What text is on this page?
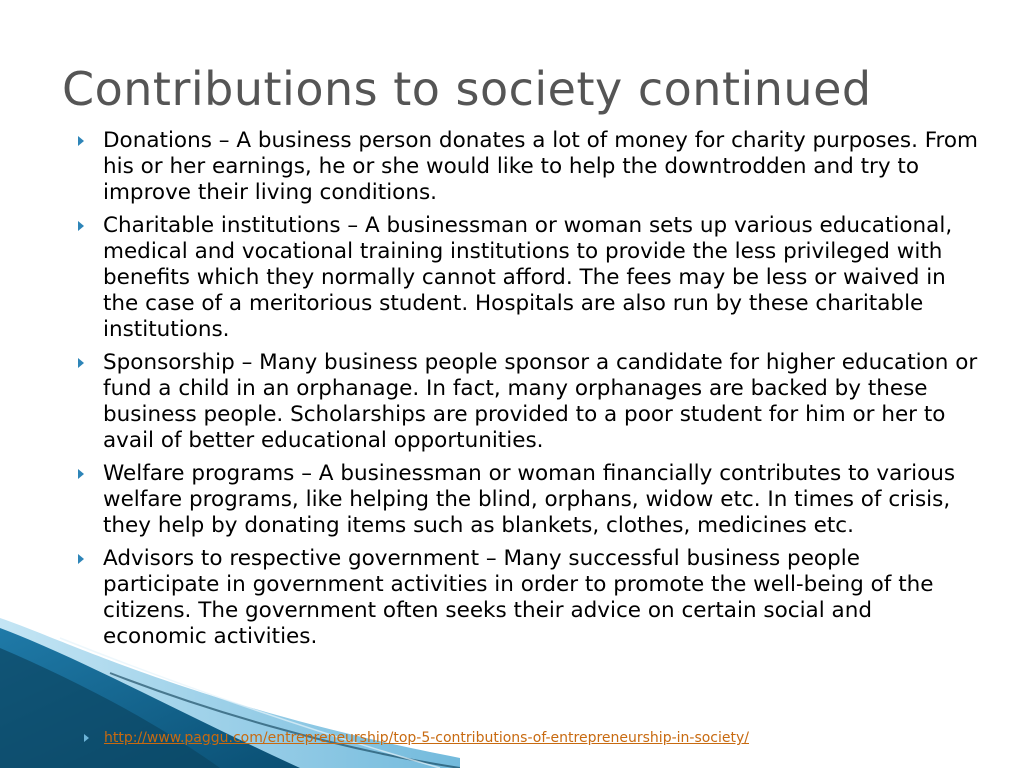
Contributions to society continued
Donations – A business person donates a lot of money for charity purposes. From his or her earnings, he or she would like to help the downtrodden and try to improve their living conditions.
Charitable institutions – A businessman or woman sets up various educational, medical and vocational training institutions to provide the less privileged with benefits which they normally cannot afford. The fees may be less or waived in the case of a meritorious student. Hospitals are also run by these charitable institutions.
Sponsorship – Many business people sponsor a candidate for higher education or fund a child in an orphanage. In fact, many orphanages are backed by these business people. Scholarships are provided to a poor student for him or her to avail of better educational opportunities.
Welfare programs – A businessman or woman financially contributes to various welfare programs, like helping the blind, orphans, widow etc. In times of crisis, they help by donating items such as blankets, clothes, medicines etc.
Advisors to respective government – Many successful business people participate in government activities in order to promote the well-being of the citizens. The government often seeks their advice on certain social and economic activities.
http://www.paggu.com/entrepreneurship/top-5-contributions-of-entrepreneurship-in-society/
